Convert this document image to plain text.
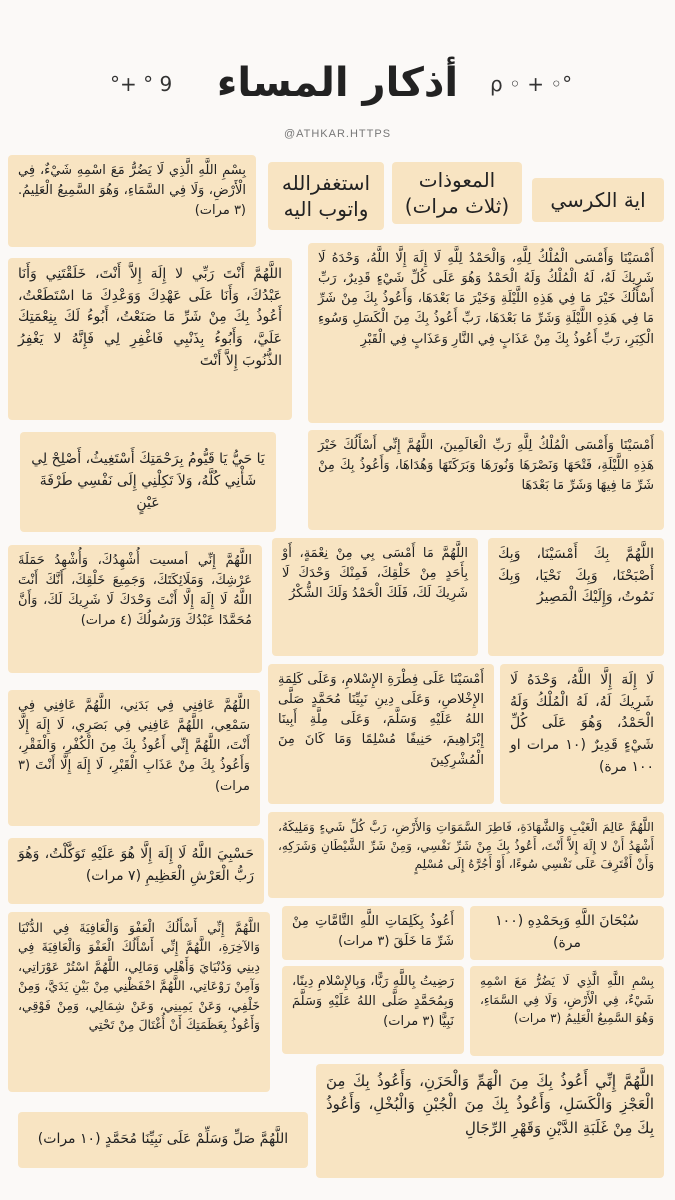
أذكار المساء
°+ ° 9	ρ ◦ + ◦°
@ATHKAR.HTTPS
اية الكرسي
المعوذات (ثلاث مرات)
استغفرالله واتوب اليه
بِسْمِ اللَّهِ الَّذِي لَا يَضُرُّ مَعَ اسْمِهِ شَيْءٌ، فِي الْأَرْضِ، وَلَا فِي السَّمَاءِ، وَهُوَ السَّمِيعُ الْعَلِيمُ. (٣ مرات)
أَمْسَيْنَا وَأَمْسَى الْمُلْكُ لِلَّهِ، وَالْحَمْدُ لِلَّهِ لَا إِلَهَ إِلَّا اللَّهُ، وَحْدَهُ لَا شَرِيكَ لَهُ، لَهُ الْمُلْكُ وَلَهُ الْحَمْدُ وَهُوَ عَلَى كُلِّ شَيْءٍ قَدِيرٌ، رَبِّ أَسْأَلُكَ خَيْرَ مَا فِي هَذِهِ اللَّيْلَةِ وَخَيْرَ مَا بَعْدَهَا، وَأَعُوذُ بِكَ مِنْ شَرِّ مَا فِي هَذِهِ اللَّيْلَةِ وَشَرِّ مَا بَعْدَهَا، رَبِّ أَعُوذُ بِكَ مِنَ الْكَسَلِ وَسُوءِ الْكِبَرِ، رَبِّ أَعُوذُ بِكَ مِنْ عَذَابٍ فِي النَّارِ وَعَذَابٍ فِي الْقَبْرِ
اللَّهُمَّ أَنْتَ رَبِّي لا إِلَهَ إِلاَّ أَنْتَ، خَلَقْتَنِي وَأَنَا عَبْدُكَ، وَأَنَا عَلَى عَهْدِكَ وَوَعْدِكَ مَا اسْتَطَعْتُ، أَعُوذُ بِكَ مِنْ شَرِّ مَا صَنَعْتُ، أَبُوءُ لَكَ بِنِعْمَتِكَ عَلَيَّ، وَأَبُوءُ بِذَنْبِي فَاغْفِرِ لِي فَإِنَّهُ لا يَغْفِرُ الذُّنُوبَ إِلاَّ أَنْتَ
أَمْسَيْنَا وَأَمْسَى الْمُلْكُ لِلَّهِ رَبِّ الْعَالَمِينَ، اللَّهُمَّ إِنِّي أَسْأَلُكَ خَيْرَ هَذِهِ اللَّيْلَةِ، فَتْحَهَا وَنَصْرَهَا وَنُورَهَا وَبَرَكَتَهَا وَهُدَاهَا، وَأَعُوذُ بِكَ مِنْ شَرِّ مَا فِيهَا وَشَرِّ مَا بَعْدَهَا
يَا حَيُّ يَا قَيُّومُ بِرَحْمَتِكَ أَسْتَغِيثُ، أَصْلِحْ لِي شَأْنِي كُلَّهُ، وَلاَ تَكِلْنِي إِلَى نَفْسِي طَرْفَةَ عَيْنٍ
اللَّهُمَّ بِكَ أَمْسَيْنَا، وَبِكَ أَصْبَحْنَا، وَبِكَ نَحْيَا، وَبِكَ نَمُوتُ، وَإِلَيْكَ الْمَصِيرُ
اللَّهُمَّ مَا أَمْسَى بِي مِنْ نِعْمَةٍ، أَوْ بِأَحَدٍ مِنْ خَلْقِكَ، فَمِنْكَ وَحْدَكَ لَا شَرِيكَ لَكَ، فَلَكَ الْحَمْدُ وَلَكَ الشُّكْرُ
اللَّهُمَّ إِنِّي أمسيت أُشْهِدُكَ، وَأُشْهِدُ حَمَلَةَ عَرْشِكَ، وَمَلَائِكَتَكَ، وَجَمِيعَ خَلْقِكَ، أَنَّكَ أَنْتَ اللَّهُ لَا إِلَهَ إِلَّا أَنْتَ وَحْدَكَ لَا شَرِيكَ لَكَ، وَأَنَّ مُحَمَّدًا عَبْدُكَ وَرَسُولُكَ (٤ مرات)
لَا إِلَهَ إِلَّا اللَّهُ، وَحْدَهُ لَا شَرِيكَ لَهُ، لَهُ الْمُلْكُ وَلَهُ الْحَمْدُ، وَهُوَ عَلَى كُلِّ شَيْءٍ قَدِيرٌ (١٠ مرات او ١٠٠ مرة)
أَمْسَيْنَا عَلَى فِطْرَةِ الإِسْلامِ، وَعَلَى كَلِمَةِ الإِخْلاصِ، وَعَلَى دِينِ نَبِيِّنَا مُحَمَّدٍ صَلَّى اللهُ عَلَيْهِ وَسَلَّمَ، وَعَلَى مِلَّةِ أَبِينَا إِبْرَاهِيمَ، حَنِيفًا مُسْلِمًا وَمَا كَانَ مِنَ الْمُشْرِكِينَ
اللَّهُمَّ عَافِنِي فِي بَدَنِي، اللَّهُمَّ عَافِنِي فِي سَمْعِي، اللَّهُمَّ عَافِنِي فِي بَصَرِي، لَا إِلَهَ إِلَّا أَنْتَ، اللَّهُمَّ إِنِّي أَعُوذُ بِكَ مِنَ الْكُفْرِ، وَالْفَقْرِ، وَأَعُوذُ بِكَ مِنْ عَذَابِ الْقَبْرِ، لَا إِلَهَ إِلَّا أَنْتَ (٣ مرات)
اللَّهُمَّ عَالِمَ الْغَيْبِ وَالشَّهَادَةِ، فَاطِرَ السَّمَوَاتِ وَالأَرْضِ، رَبَّ كُلِّ شَيءٍ وَمَلِيكَهُ، أَشْهَدُ أَنْ لا إِلَهَ إِلاَّ أَنْتَ، أَعُوذُ بِكَ مِنْ شَرِّ نَفْسِي، وَمِنْ شَرِّ الشَّيْطَانِ وَشَرَكِهِ، وَأَنْ أَقْتَرِفَ عَلَى نَفْسِي سُوءًا، أَوْ أَجُرَّهُ إِلَى مُسْلِمٍ
حَسْبِيَ اللَّهُ لَا إِلَهَ إِلَّا هُوَ عَلَيْهِ تَوَكَّلْتُ، وَهُوَ رَبُّ الْعَرْشِ الْعَظِيمِ (٧ مرات)
سُبْحَانَ اللَّهِ وَبِحَمْدِهِ (١٠٠ مرة)
أَعُوذُ بِكَلِمَاتِ اللَّهِ التَّامَّاتِ مِنْ شَرِّ مَا خَلَقَ (٣ مرات)
اللَّهُمَّ إِنِّي أَسْأَلُكَ الْعَفْوَ وَالْعَافِيَةَ فِي الدُّنْيَا وَالآخِرَةِ، اللَّهُمَّ إِنِّي أَسْأَلُكَ الْعَفْوَ وَالْعَافِيَةَ فِي دِينِي وَدُنْيَايَ وَأَهْلِي وَمَالِي، اللَّهُمَّ اسْتُرْ عَوْرَاتِي، وَآمِنْ رَوْعَاتِي، اللَّهُمَّ احْفَظْنِي مِنْ بَيْنِ يَدَيَّ، وَمِنْ خَلْفِي، وَعَنْ يَمِينِي، وَعَنْ شِمَالِي، وَمِنْ فَوْقِي، وَأَعُوذُ بِعَظَمَتِكَ أَنْ أُغْتَالَ مِنْ تَحْتِي
بِسْمِ اللَّهِ الَّذِي لَا يَضُرُّ مَعَ اسْمِهِ شَيْءٌ، فِي الْأَرْضِ، وَلَا فِي السَّمَاءِ، وَهُوَ السَّمِيعُ الْعَلِيمُ (٣ مرات)
رَضِيتُ بِاللَّهِ رَبًّا، وَبِالإِسْلامِ دِينًا، وَبِمُحَمَّدٍ صَلَّى اللهُ عَلَيْهِ وَسَلَّمَ نَبِيًّا (٣ مرات)
اللَّهُمَّ إِنِّي أَعُوذُ بِكَ مِنَ الْهَمِّ وَالْحَزَنِ، وَأَعُوذُ بِكَ مِنَ الْعَجْزِ وَالْكَسَلِ، وَأَعُوذُ بِكَ مِنَ الْجُبْنِ وَالْبُخْلِ، وَأَعُوذُ بِكَ مِنْ غَلَبَةِ الدَّيْنِ وَقَهْرِ الرِّجَالِ
اللَّهُمَّ صَلِّ وَسَلِّمْ عَلَى نَبِيِّنَا مُحَمَّدٍ (١٠ مرات)
